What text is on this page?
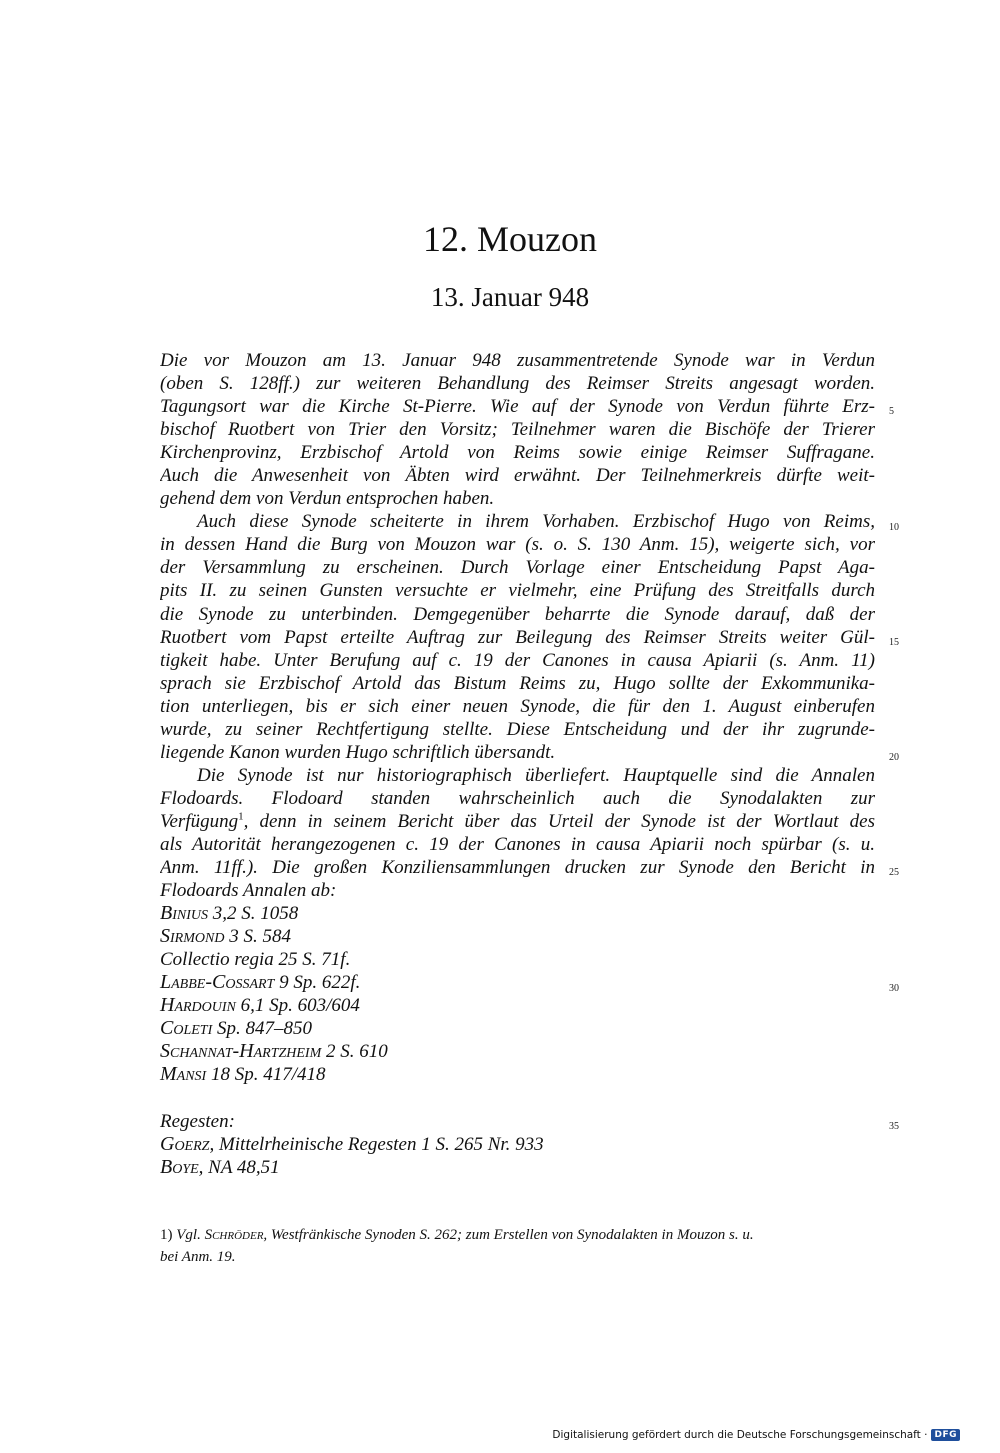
12. Mouzon
13. Januar 948
Die vor Mouzon am 13. Januar 948 zusammentretende Synode war in Verdun
(oben S. 128ff.) zur weiteren Behandlung des Reimser Streits angesagt worden.
Tagungsort war die Kirche St-Pierre. Wie auf der Synode von Verdun führte Erz-
bischof Ruotbert von Trier den Vorsitz; Teilnehmer waren die Bischöfe der Trierer
Kirchenprovinz, Erzbischof Artold von Reims sowie einige Reimser Suffragane.
Auch die Anwesenheit von Äbten wird erwähnt. Der Teilnehmerkreis dürfte weit-
gehend dem von Verdun entsprochen haben.
Auch diese Synode scheiterte in ihrem Vorhaben. Erzbischof Hugo von Reims,
in dessen Hand die Burg von Mouzon war (s. o. S. 130 Anm. 15), weigerte sich, vor
der Versammlung zu erscheinen. Durch Vorlage einer Entscheidung Papst Aga-
pits II. zu seinen Gunsten versuchte er vielmehr, eine Prüfung des Streitfalls durch
die Synode zu unterbinden. Demgegenüber beharrte die Synode darauf, daß der
Ruotbert vom Papst erteilte Auftrag zur Beilegung des Reimser Streits weiter Gül-
tigkeit habe. Unter Berufung auf c. 19 der Canones in causa Apiarii (s. Anm. 11)
sprach sie Erzbischof Artold das Bistum Reims zu, Hugo sollte der Exkommunika-
tion unterliegen, bis er sich einer neuen Synode, die für den 1. August einberufen
wurde, zu seiner Rechtfertigung stellte. Diese Entscheidung und der ihr zugrunde-
liegende Kanon wurden Hugo schriftlich übersandt.
Die Synode ist nur historiographisch überliefert. Hauptquelle sind die Annalen
Flodoards. Flodoard standen wahrscheinlich auch die Synodalakten zur
Verfügung$^1$, denn in seinem Bericht über das Urteil der Synode ist der Wortlaut des
als Autorität herangezogenen c. 19 der Canones in causa Apiarii noch spürbar (s. u.
Anm. 11ff.). Die großen Konziliensammlungen drucken zur Synode den Bericht in
Flodoards Annalen ab:
Binius 3,2 S. 1058
Sirmond 3 S. 584
Collectio regia 25 S. 71f.
Labbe-Cossart 9 Sp. 622f.
Hardouin 6,1 Sp. 603/604
Coleti Sp. 847–850
Schannat-Hartzheim 2 S. 610
Mansi 18 Sp. 417/418
Regesten:
Goerz, Mittelrheinische Regesten 1 S. 265 Nr. 933
Boye, NA 48,51
5
10
15
20
25
30
35
1) Vgl. Schröder, Westfränkische Synoden S. 262; zum Erstellen von Synodalakten in Mouzon s. u.
bei Anm. 19.
Digitalisierung gefördert durch die Deutsche Forschungsgemeinschaft · DFG
